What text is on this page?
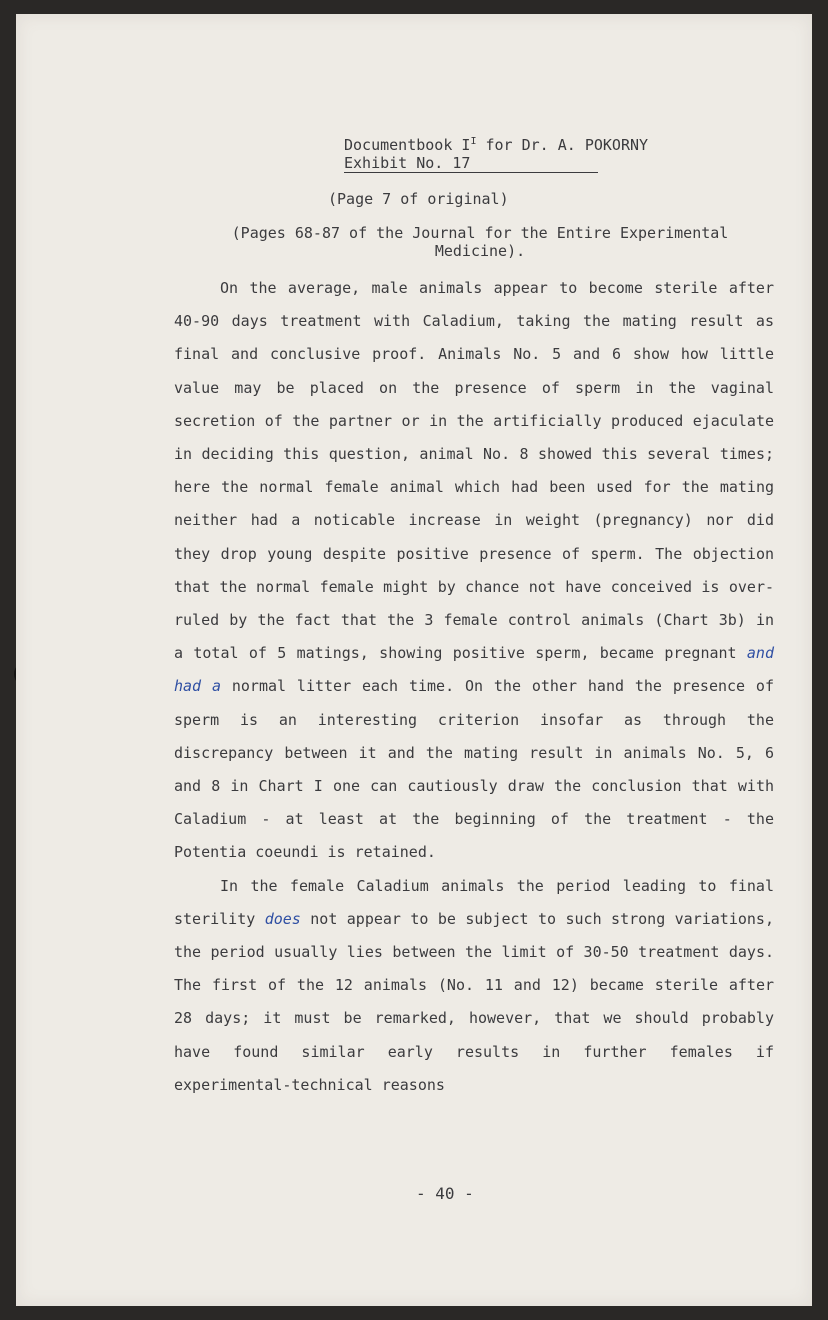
Documentbook $I^I$ for Dr. A. POKORNY
Exhibit No. 17
(Page 7 of original)
(Pages 68-87 of the Journal for the Entire Experimental Medicine).

On the average, male animals appear to become sterile after 40-90 days treatment with Caladium, taking the mating result as final and conclusive proof. Animals No. 5 and 6 show how little value may be placed on the presence of sperm in the vaginal secretion of the partner or in the artificially produced ejaculate in deciding this question, animal No. 8 showed this several times; here the normal female animal which had been used for the mating neither had a noticable increase in weight (pregnancy) nor did they drop young despite positive presence of sperm. The objection that the normal female might by chance not have conceived is over-ruled by the fact that the 3 female control animals (Chart 3b) in a total of 5 matings, showing positive sperm, became pregnant and had a normal litter each time. On the other hand the presence of sperm is an interesting criterion insofar as through the discrepancy between it and the mating result in animals No. 5, 6 and 8 in Chart I one can cautiously draw the conclusion that with Caladium - at least at the beginning of the treatment - the Potentia coeundi is retained.

In the female Caladium animals the period leading to final sterility does not appear to be subject to such strong variations, the period usually lies between the limit of 30-50 treatment days. The first of the 12 animals (No. 11 and 12) became sterile after 28 days; it must be remarked, however, that we should probably have found similar early results in further females if experimental-technical reasons

- 40 -
